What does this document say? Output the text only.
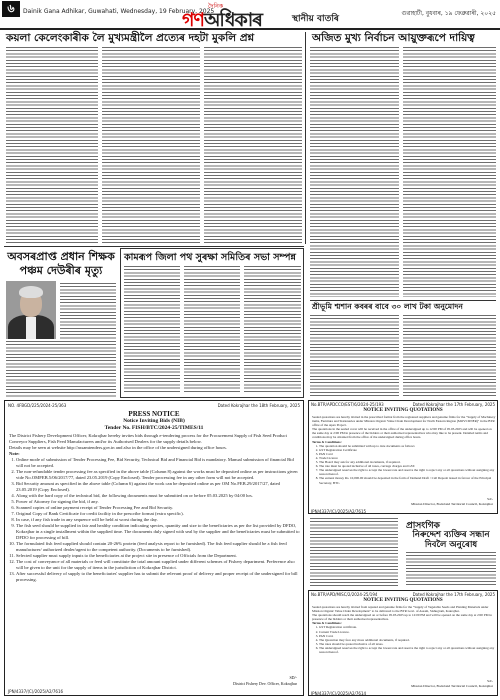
৬	Dainik Gana Adhikar, Guwahati, Wednesday, 19 February, 2025
দৈনিক
গণঅধিকাৰ	স্থানীয় বাতৰি
গুৱাহাটী, বুধবাৰ, ১৯ ফেব্ৰুৱাৰী, ২০২৫
কয়লা কেলেংকাৰীক লৈ মুখ্যমন্ত্ৰীলৈ প্ৰত্যেৰ দহটা মুকলি প্ৰশ্ন	অজিত মুখ্য নিৰ্বাচন আয়ুক্তৰূপে দায়িত্ব
অবসৰপ্ৰাপ্ত প্ৰধান শিক্ষক পঞ্চম দেউৰীৰ মৃত্যু
কামৰূপ জিলা পথ সুৰক্ষা সমিতিৰ সভা সম্পন্ন
শ্ৰীভূমি শ্মশান কবৰৰ বাবে ৩০ লাখ টকা অনুমোদন
NO. 4FBGD/225/2024-25/363	Dated Kokrajhar the 18th February, 2025
PRESS NOTICE
Notice Inviting Bids (NIB)
Tender No. FISH/BTC/2024-25/TIMES/11

The District Fishery Development Officer, Kokrajhar hereby invites bids through e-tendering process for the Procurement Supply of Fish Seed Product Conveyor Suppliers, Fish Feed Manufacturers and/or its Authorised Dealers for the supply details below.

Details may be seen at website http://assamtenders.gov.in and also in the office of the undersigned during office hours.

Note:

1. Online mode of submission of Tender Processing Fee, Bid Security, Technical Bid and Financial Bid is mandatory. Manual submission of financial Bid will not be accepted.
2. The non-refundable tender processing fee as specified in the above table (Column 8) against the works must be deposited online as per instructions given vide No.OMFEB.5/06/2017/77, dated 23.05.2019 (Copy Enclosed). Tender processing fee in any other form will not be accepted.
3. Bid Security amount as specified in the above table (Column 6) against the work can be deposited online as per OM No.FEB.29/2017/27, dated 23.05.2019 (Copy Enclosed).
4. Along with the hard copy of the technical bid, the following documents must be submitted on or before 05.03.2025 by 04:00 hrs.
5. Power of Attorney for signing the bid, if any.
6. Scanned copies of online payment receipt of Tender Processing Fee and Bid Security.
7. Original Copy of Bank Certificate for credit facility in the prescribe format (extra specific).
8. In case, if any fish trade in any sequence will be held at worst during the day.
9. The fish seed should be supplied in fair and healthy condition indicating species, quantity and size to the beneficiaries as per the list provided by DFDO, Kokrajhar in a single installment within the supplied time. The documents duly signed with seal by the supplier and the beneficiaries must be submitted to DFDO for processing of bill.
10. The formulated fish feed supplied should contain 20-26% protein (feed analysis report to be furnished). The fish feed supplier should be a fish feed manufacturer/ authorized dealer/agent to the competent authority. (Documents to be furnished).
11. Selected supplier must supply inputs to the beneficiaries at the project site in presence of Officials from the Department.
12. The cost of conveyance of all materials or feed will constitute the total amount supplied under different schemes of Fishery department. Preference also will be given to the unit for the supply of items in the jurisdiction of Kokrajhar District.
13. After successful delivery of supply to the beneficiaries' supplier has to submit the relevant proof of delivery and proper receipt of the undersigned for bill processing.
SD/-
District Fishery Dev. Officer, Kokrajhar
JPN/4337/(C)/2025/A2/7616
No.BTR/APDCCO/EST/6/2024-25/193	Dated Kokrajhar the 17th February, 2025
NOTICE INVITING QUOTATIONS

Sealed quotations are hereby invited in the prescribed format from the registered suppliers and genuine firms for the "Supply of Machinery items, Furniture and Stationeries under Mission Organic Value Chain Development for North Eastern Region (MOVCDNER)" in the BTR office of the Apex Project.

The quotations in the sealed cover will be received in the office of the undersigned up to 12:00 PM of 05.03.2025 and will be opened on the same day at 2:00 PM in presence of the bidders or their authorised representatives who may like to be present. Detailed terms and conditions may be obtained from the office of the undersigned during office hours.

Terms & Conditions:

1. The quotation should be submitted with up to date documents as follows
2. GST Registration Certificate
3. PAN Card
4. Trade Licence
5. The Board may ask for any additional documents, if required.
6. The rate must be quoted inclusive of all taxes, carriage charges and GST.
7. The undersigned reserves the right to accept the lowest rate and reserve the right to reject any or all quotations without assigning any reason thereof.
8. The earnest money Rs. 10,000.00 should be deposited in the form of Demand Draft / Call Deposit issued in favour of the Principal Secretary, BTC.
Sd/-
Mission Director, Bodoland Territorial Council, Kokrajhar
JPN/4337/(C)/2025/A2/7615
No.BTR/APD/MISC/2/2024-25/194	Dated Kokrajhar the 17th February, 2025
NOTICE INVITING QUOTATIONS

Sealed quotations are hereby invited from reputed and genuine firms for the "Supply of Vegetable Seeds and Planting Materials under Mission Organic Value Chain Development" to be delivered to the BTR Govt. of Assam, Sishugram, Kokrajhar.

The quotations should reach the undersigned on or before 05.03.2025 up to 12:00 PM and will be opened on the same day at 2:00 PM in presence of the bidders or their authorised representatives.

Terms & Conditions:

1. GST Registration certificate.
2. Current Trade Licence.
3. PAN Card.
4. The Quotation may face any more additional documents, if required.
5. The rates should be quoted inclusive of all taxes.
6. The undersigned reserves the right to accept the lowest rate and reserve the right to reject any or all quotations without assigning any reason thereof.
Sd/-
Mission Director, Bodoland Territorial Council, Kokrajhar
JPN/4337/(C)/2025/A2/7614
প্ৰাসংগিক
নিৰুদ্দেশ ব্যক্তিৰ সন্ধান দিবলৈ অনুৰোধ
